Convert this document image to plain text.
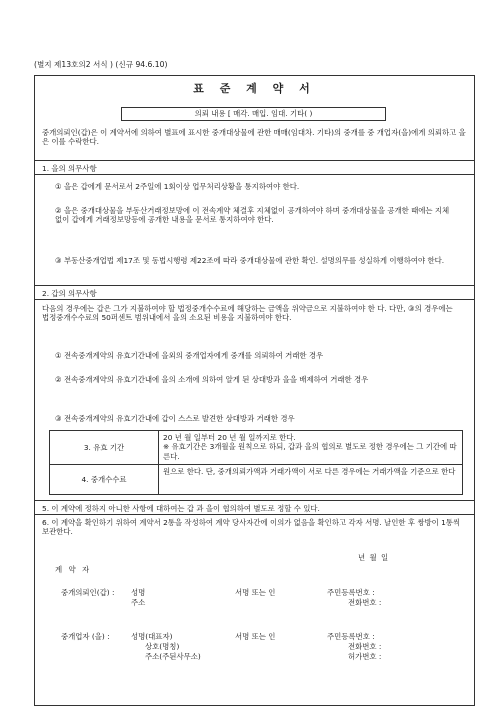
(별지 제13호의2 서식 ) (신규 94.6.10)
표 준 계 약 서
의뢰 내용 [ 매각. 매입. 임대. 기타( )
중개의뢰인(갑)은 이 계약서에 의하여 별표에 표시한 중개대상물에 관한 매매(임대차. 기타)의 중개를 중 개업자(을)에게 의뢰하고 을은 이를 수락한다.
1. 을의 의무사항
① 을은 갑에게 문서로서 2주일에 1회이상 업무처리상황을 통지하여야 한다.
② 을은 중개대상물을 부동산거래정보망에 이 전속계약 체결후 지체없이 공개하여야 하며 중개대상물을 공개한 때에는 지체없이 갑에게 거래정보망등에 공개한 내용을 문서로 통지하여야 한다.
③ 부동산중개업법 제17조 및 동법시행령 제22조에 따라 중개대상물에 관한 확인. 설명의무를 성실하게 이행하여야 한다.
2. 갑의 의무사항
다음의 경우에는 갑은 그가 지불하여야 할 법정중개수수료에 해당하는 금액을 위약금으로 지불하여야 한 다. 다만, ③의 경우에는 법정중개수수료의 50퍼센트 범위내에서 을의 소요된 비용을 지불하여야 한다.
① 전속중개계약의 유효기간내에 을외의 중개업자에게 중개를 의뢰하여 거래한 경우
② 전속중개계약의 유효기간내에 을의 소개에 의하여 알게 된 상대방과 을을 배제하여 거래한 경우
③ 전속중개계약의 유효기간내에 갑이 스스로 발견한 상대방과 거래한 경우
3. 유효 기간	20 년 월 일부터 20 년 월 일까지로 한다.
※ 유효기간은 3개월을 원칙으로 하되, 갑과 을의 협의로 별도로 정한 경우에는 그 기간에 따른다.
4. 중개수수료	원으로 한다. 단, 중개의뢰가액과 거래가액이 서로 다른 경우에는 거래가액을 기준으로 한다
5. 이 계약에 정하지 아니한 사항에 대하여는 갑 과 을이 협의하여 별도로 정할 수 있다.
6. 이 계약을 확인하기 위하여 계약서 2통을 작성하여 계약 당사자간에 이의가 없음을 확인하고 각자 서명. 날인한 후 쌍방이 1통씩 보관한다.
년 월 일
계 약 자
중개의뢰인(갑) : 성명	서명 또는 인	주민등록번호 :
주소	전화번호 :
중개업자 (을) :	성명(대표자)	서명 또는 인	주민등록번호 :
상호(명칭)	전화번호 :
주소(주된사무소)	허가번호 :
